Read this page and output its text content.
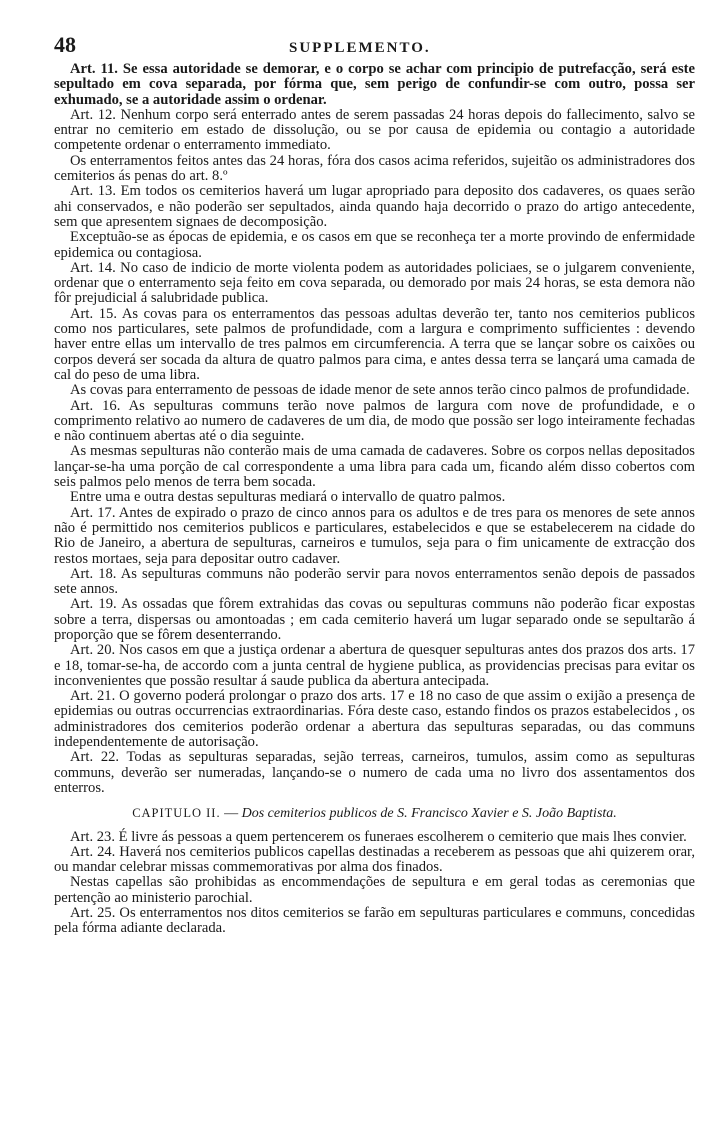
48	SUPPLEMENTO.

Art. 11. Se essa autoridade se demorar, e o corpo se achar com principio de putrefacção, será este sepultado em cova separada, por fórma que, sem perigo de confundir-se com outro, possa ser exhumado, se a autoridade assim o ordenar.

Art. 12. Nenhum corpo será enterrado antes de serem passadas 24 horas depois do fallecimento, salvo se entrar no cemiterio em estado de dissolução, ou se por causa de epidemia ou contagio a autoridade competente ordenar o enterramento immediato.

Os enterramentos feitos antes das 24 horas, fóra dos casos acima referidos, sujeitão os administradores dos cemiterios ás penas do art. 8.º

Art. 13. Em todos os cemiterios haverá um lugar apropriado para deposito dos cadaveres, os quaes serão ahi conservados, e não poderão ser sepultados, ainda quando haja decorrido o prazo do artigo antecedente, sem que apresentem signaes de decomposição.

Exceptuão-se as épocas de epidemia, e os casos em que se reconheça ter a morte provindo de enfermidade epidemica ou contagiosa.

Art. 14. No caso de indicio de morte violenta podem as autoridades policiaes, se o julgarem conveniente, ordenar que o enterramento seja feito em cova separada, ou demorado por mais 24 horas, se esta demora não fôr prejudicial á salubridade publica.

Art. 15. As covas para os enterramentos das pessoas adultas deverão ter, tanto nos cemiterios publicos como nos particulares, sete palmos de profundidade, com a largura e comprimento sufficientes : devendo haver entre ellas um intervallo de tres palmos em circumferencia. A terra que se lançar sobre os caixões ou corpos deverá ser socada da altura de quatro palmos para cima, e antes dessa terra se lançará uma camada de cal do peso de uma libra.

As covas para enterramento de pessoas de idade menor de sete annos terão cinco palmos de profundidade.

Art. 16. As sepulturas communs terão nove palmos de largura com nove de profundidade, e o comprimento relativo ao numero de cadaveres de um dia, de modo que possão ser logo inteiramente fechadas e não continuem abertas até o dia seguinte.

As mesmas sepulturas não conterão mais de uma camada de cadaveres. Sobre os corpos nellas depositados lançar-se-ha uma porção de cal correspondente a uma libra para cada um, ficando além disso cobertos com seis palmos pelo menos de terra bem socada.

Entre uma e outra destas sepulturas mediará o intervallo de quatro palmos.

Art. 17. Antes de expirado o prazo de cinco annos para os adultos e de tres para os menores de sete annos não é permittido nos cemiterios publicos e particulares, estabelecidos e que se estabelecerem na cidade do Rio de Janeiro, a abertura de sepulturas, carneiros e tumulos, seja para o fim unicamente de extracção dos restos mortaes, seja para depositar outro cadaver.

Art. 18. As sepulturas communs não poderão servir para novos enterramentos senão depois de passados sete annos.

Art. 19. As ossadas que fôrem extrahidas das covas ou sepulturas communs não poderão ficar expostas sobre a terra, dispersas ou amontoadas ; em cada cemiterio haverá um lugar separado onde se sepultarão á proporção que se fôrem desenterrando.

Art. 20. Nos casos em que a justiça ordenar a abertura de quesquer sepulturas antes dos prazos dos arts. 17 e 18, tomar-se-ha, de accordo com a junta central de hygiene publica, as providencias precisas para evitar os inconvenientes que possão resultar á saude publica da abertura antecipada.

Art. 21. O governo poderá prolongar o prazo dos arts. 17 e 18 no caso de que assim o exijão a presença de epidemias ou outras occurrencias extraordinarias. Fóra deste caso, estando findos os prazos estabelecidos , os administradores dos cemiterios poderão ordenar a abertura das sepulturas separadas, ou das communs independentemente de autorisação.

Art. 22. Todas as sepulturas separadas, sejão terreas, carneiros, tumulos, assim como as sepulturas communs, deverão ser numeradas, lançando-se o numero de cada uma no livro dos assentamentos dos enterros.

CAPITULO II. — Dos cemiterios publicos de S. Francisco Xavier e S. João Baptista.

Art. 23. É livre ás pessoas a quem pertencerem os funeraes escolherem o cemiterio que mais lhes convier.

Art. 24. Haverá nos cemiterios publicos capellas destinadas a receberem as pessoas que ahi quizerem orar, ou mandar celebrar missas commemorativas por alma dos finados.

Nestas capellas são prohibidas as encommendações de sepultura e em geral todas as ceremonias que pertenção ao ministerio parochial.

Art. 25. Os enterramentos nos ditos cemiterios se farão em sepulturas particulares e communs, concedidas pela fórma adiante declarada.
